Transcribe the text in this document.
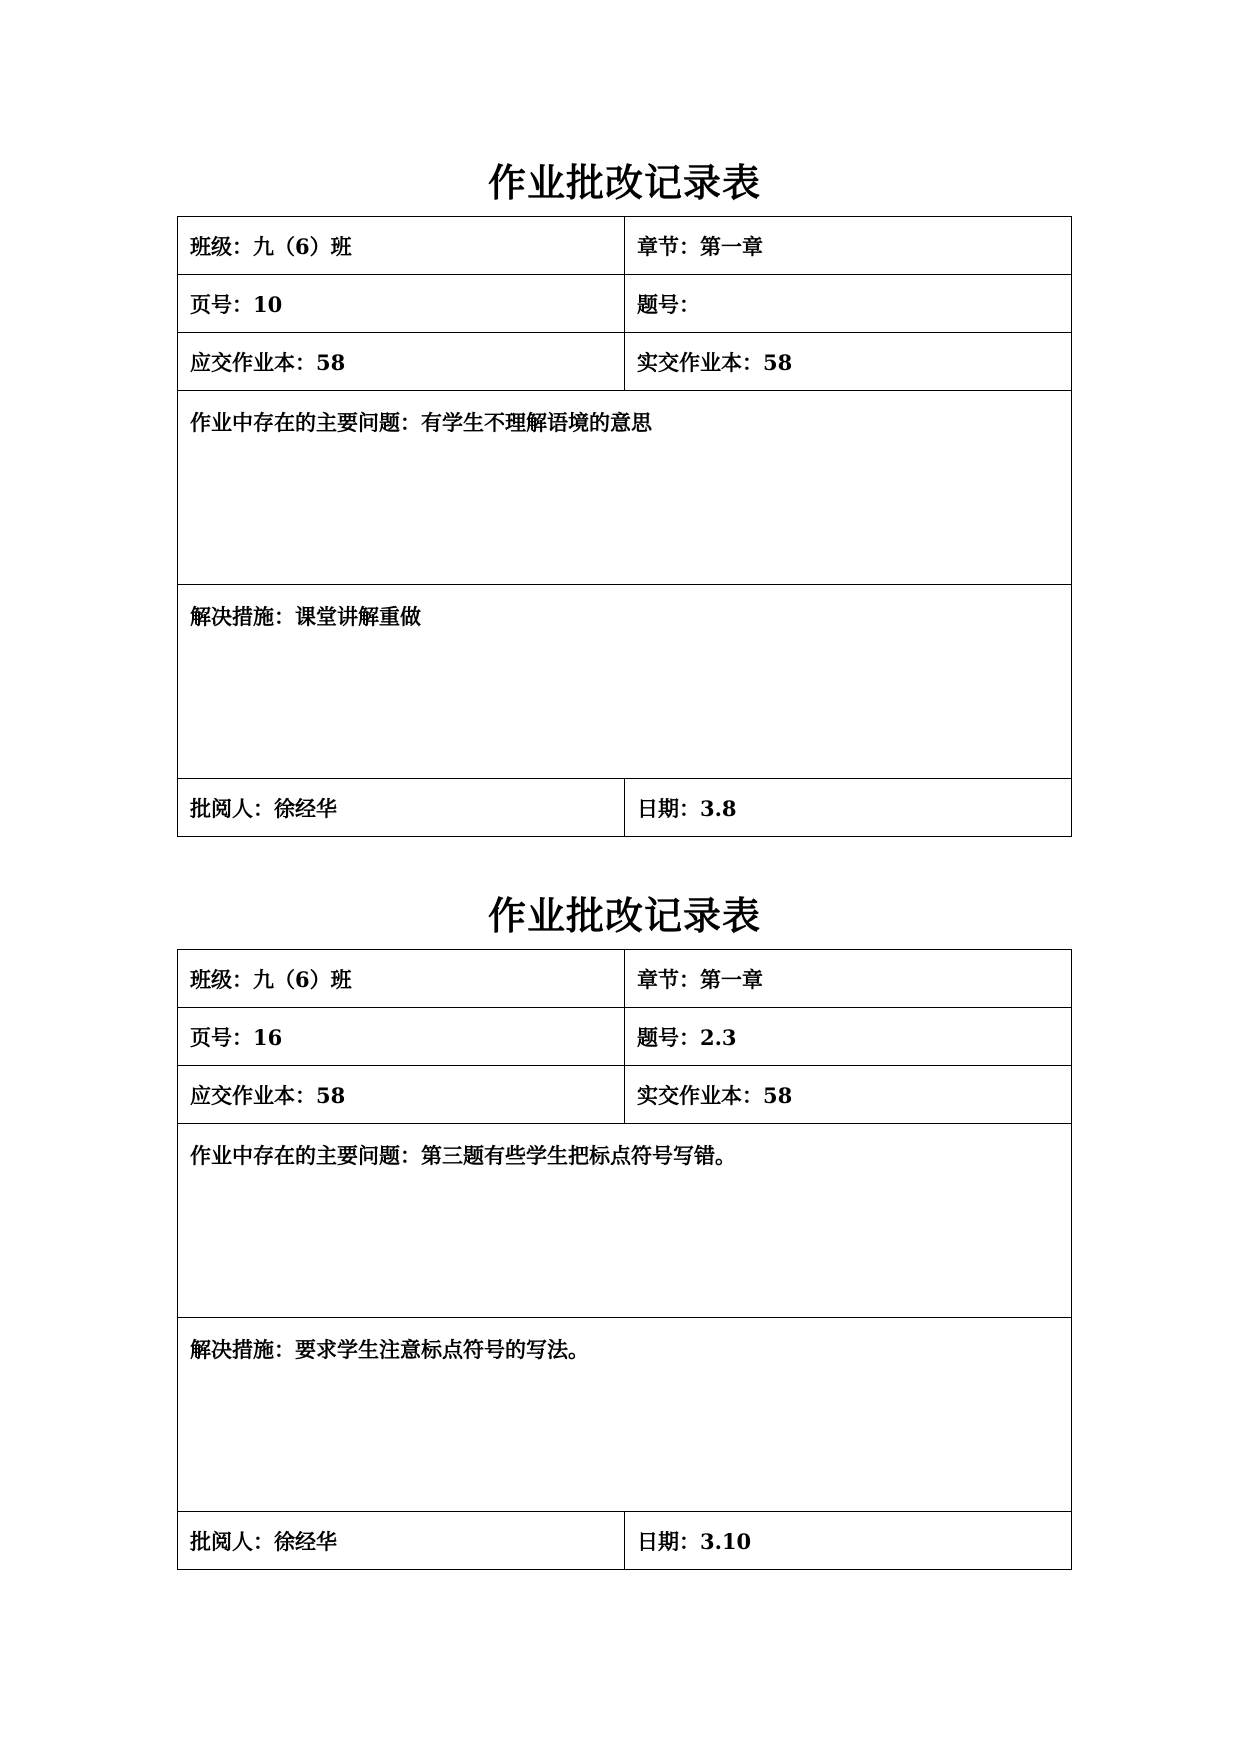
作业批改记录表
班级：九（6）班	章节：第一章
页号：10	题号：
应交作业本：58	实交作业本：58
作业中存在的主要问题：有学生不理解语境的意思	
解决措施：课堂讲解重做	
批阅人：徐经华	日期：3.8
作业批改记录表
班级：九（6）班	章节：第一章
页号：16	题号：2.3
应交作业本：58	实交作业本：58
作业中存在的主要问题：第三题有些学生把标点符号写错。	
解决措施：要求学生注意标点符号的写法。	
批阅人：徐经华	日期：3.10
